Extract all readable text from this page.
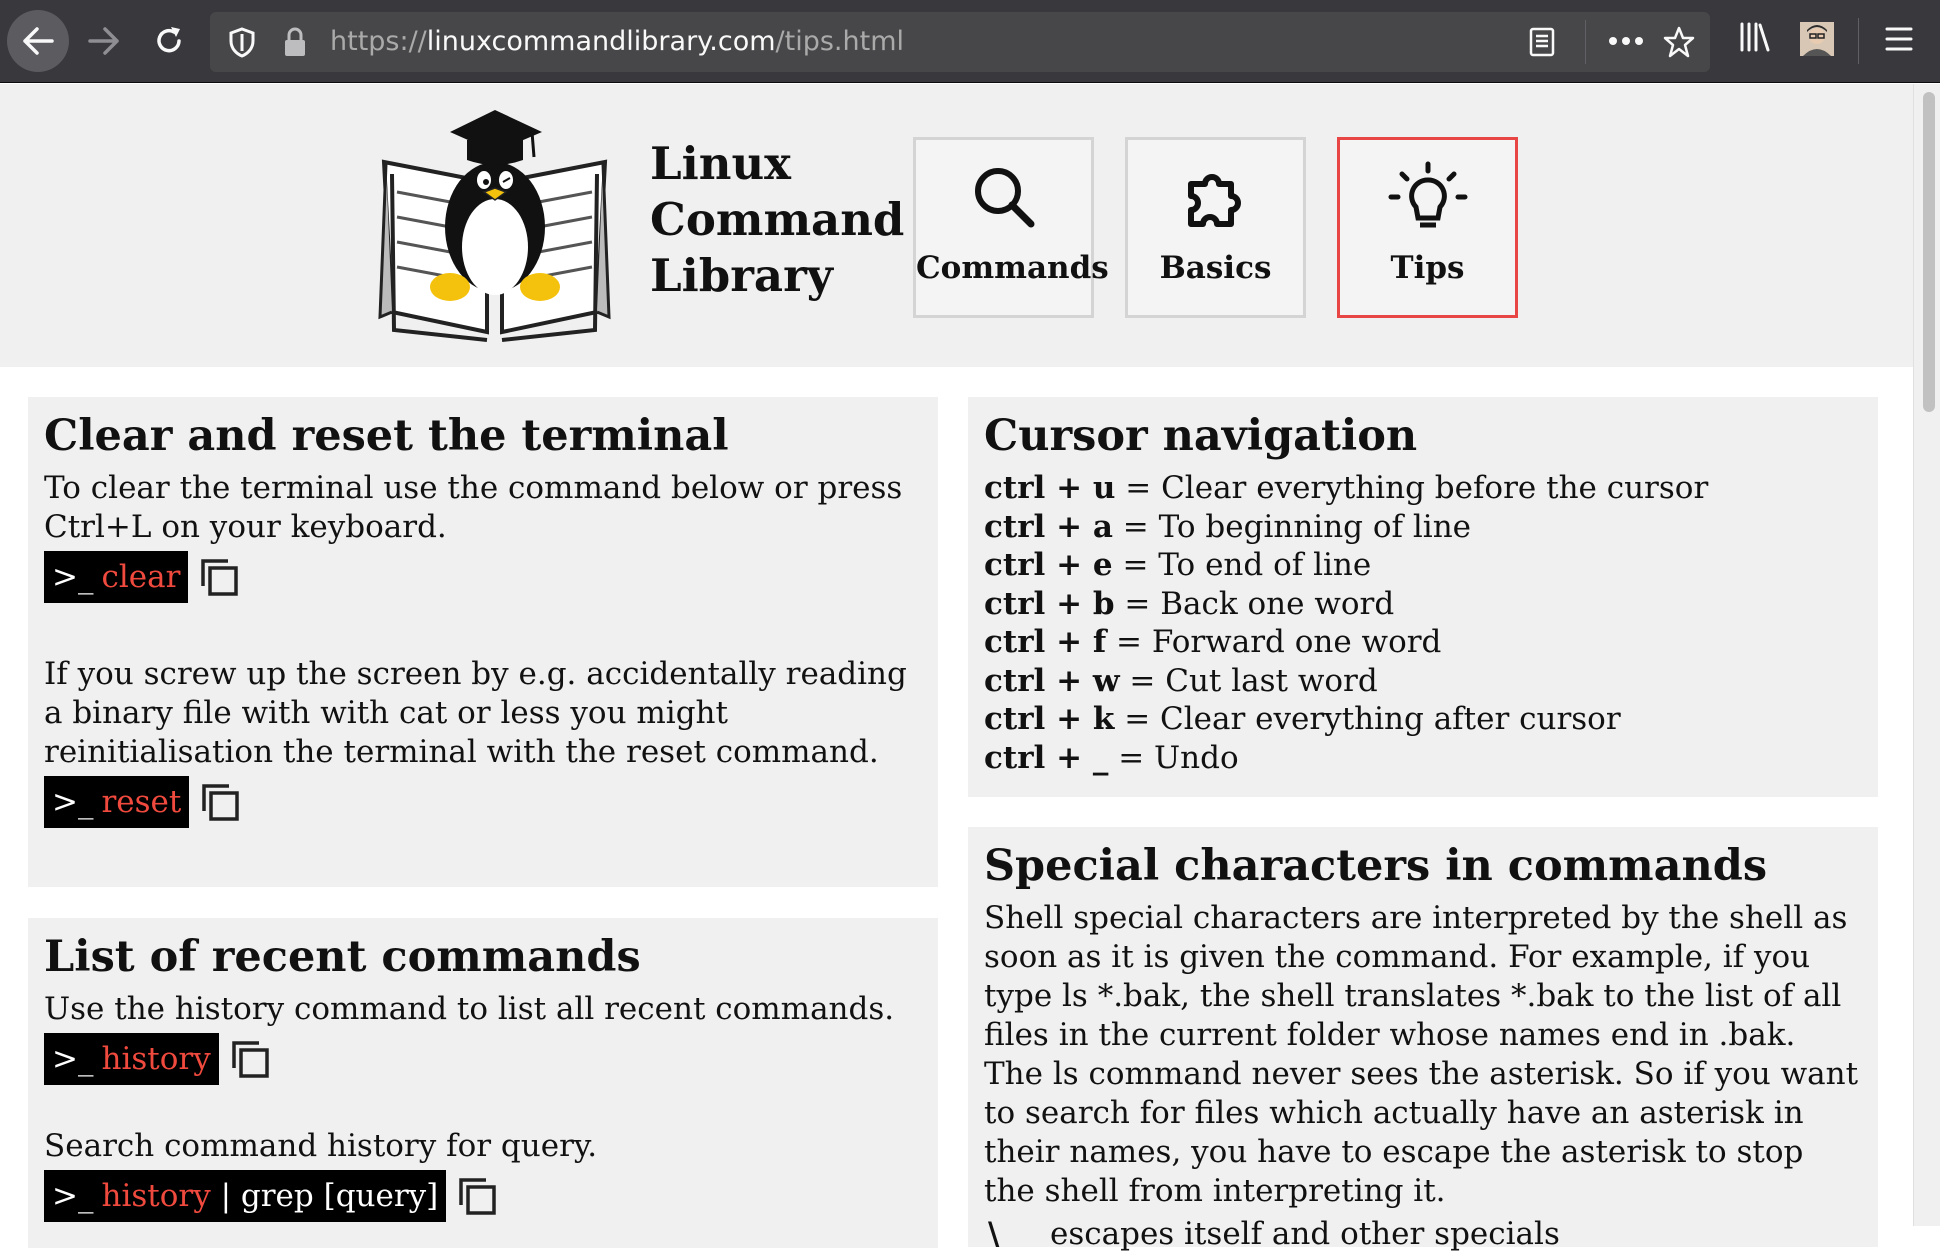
https://linuxcommandlibrary.com/tips.html
Linux
Command
Library	Commands	Basics	Tips
Clear and reset the terminal

To clear the terminal use the command below or press Ctrl+L on your keyboard.

>_ clear

If you screw up the screen by e.g. accidentally reading a binary file with with cat or less you might reinitialisation the terminal with the reset command.

>_ reset
List of recent commands

Use the history command to list all recent commands.

>_ history

Search command history for query.

>_ history | grep [query]
Cursor navigation
ctrl + u = Clear everything before the cursor
ctrl + a = To beginning of line
ctrl + e = To end of line
ctrl + b = Back one word
ctrl + f = Forward one word
ctrl + w = Cut last word
ctrl + k = Clear everything after cursor
ctrl + _ = Undo
Special characters in commands

Shell special characters are interpreted by the shell as soon as it is given the command. For example, if you type ls *.bak, the shell translates *.bak to the list of all files in the current folder whose names end in .bak. The ls command never sees the asterisk. So if you want to search for files which actually have an asterisk in their names, you have to escape the asterisk to stop the shell from interpreting it.

\	escapes itself and other specials
